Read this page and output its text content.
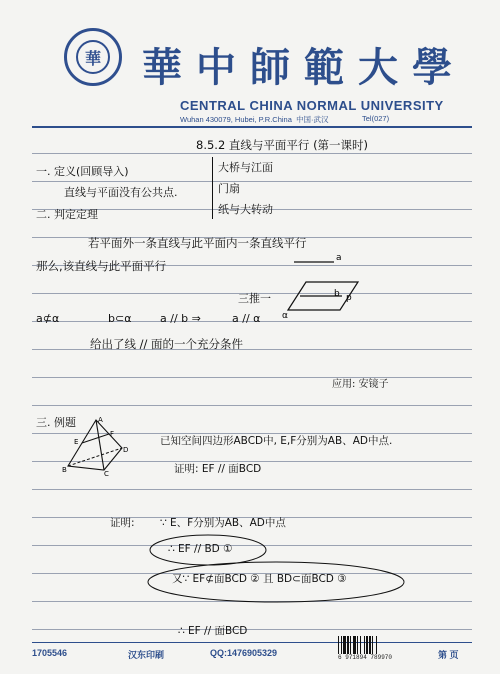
華 華中師範大學
CENTRAL CHINA NORMAL UNIVERSITY
Wuhan 430079, Hubei, P.R.China 中国·武汉	Tel(027)
8.5.2 直线与平面平行 (第一课时)
一. 定义(回顾导入)
直线与平面没有公共点.
大桥与江面
门扇
纸与大转动
二. 判定定理
若平面外一条直线与此平面内一条直线平行
那么,该直线与此平面平行
三推一
a
b p
α
a⊄α	b⊂α	a // b ⇒	a // α
给出了线 // 面的一个充分条件
应用: 安镜子
三. 例题	A
E
F
B	C
D
已知空间四边形ABCD中, E,F分别为AB、AD中点.
证明: EF // 面BCD
证明: ∵ E、F分别为AB、AD中点
∴ EF // BD ①
又∵ EF⊄面BCD ② 且 BD⊂面BCD ③
∴ EF // 面BCD
1705546	汉东印刷	QQ:1476905329	6 971894 789970	第 页
